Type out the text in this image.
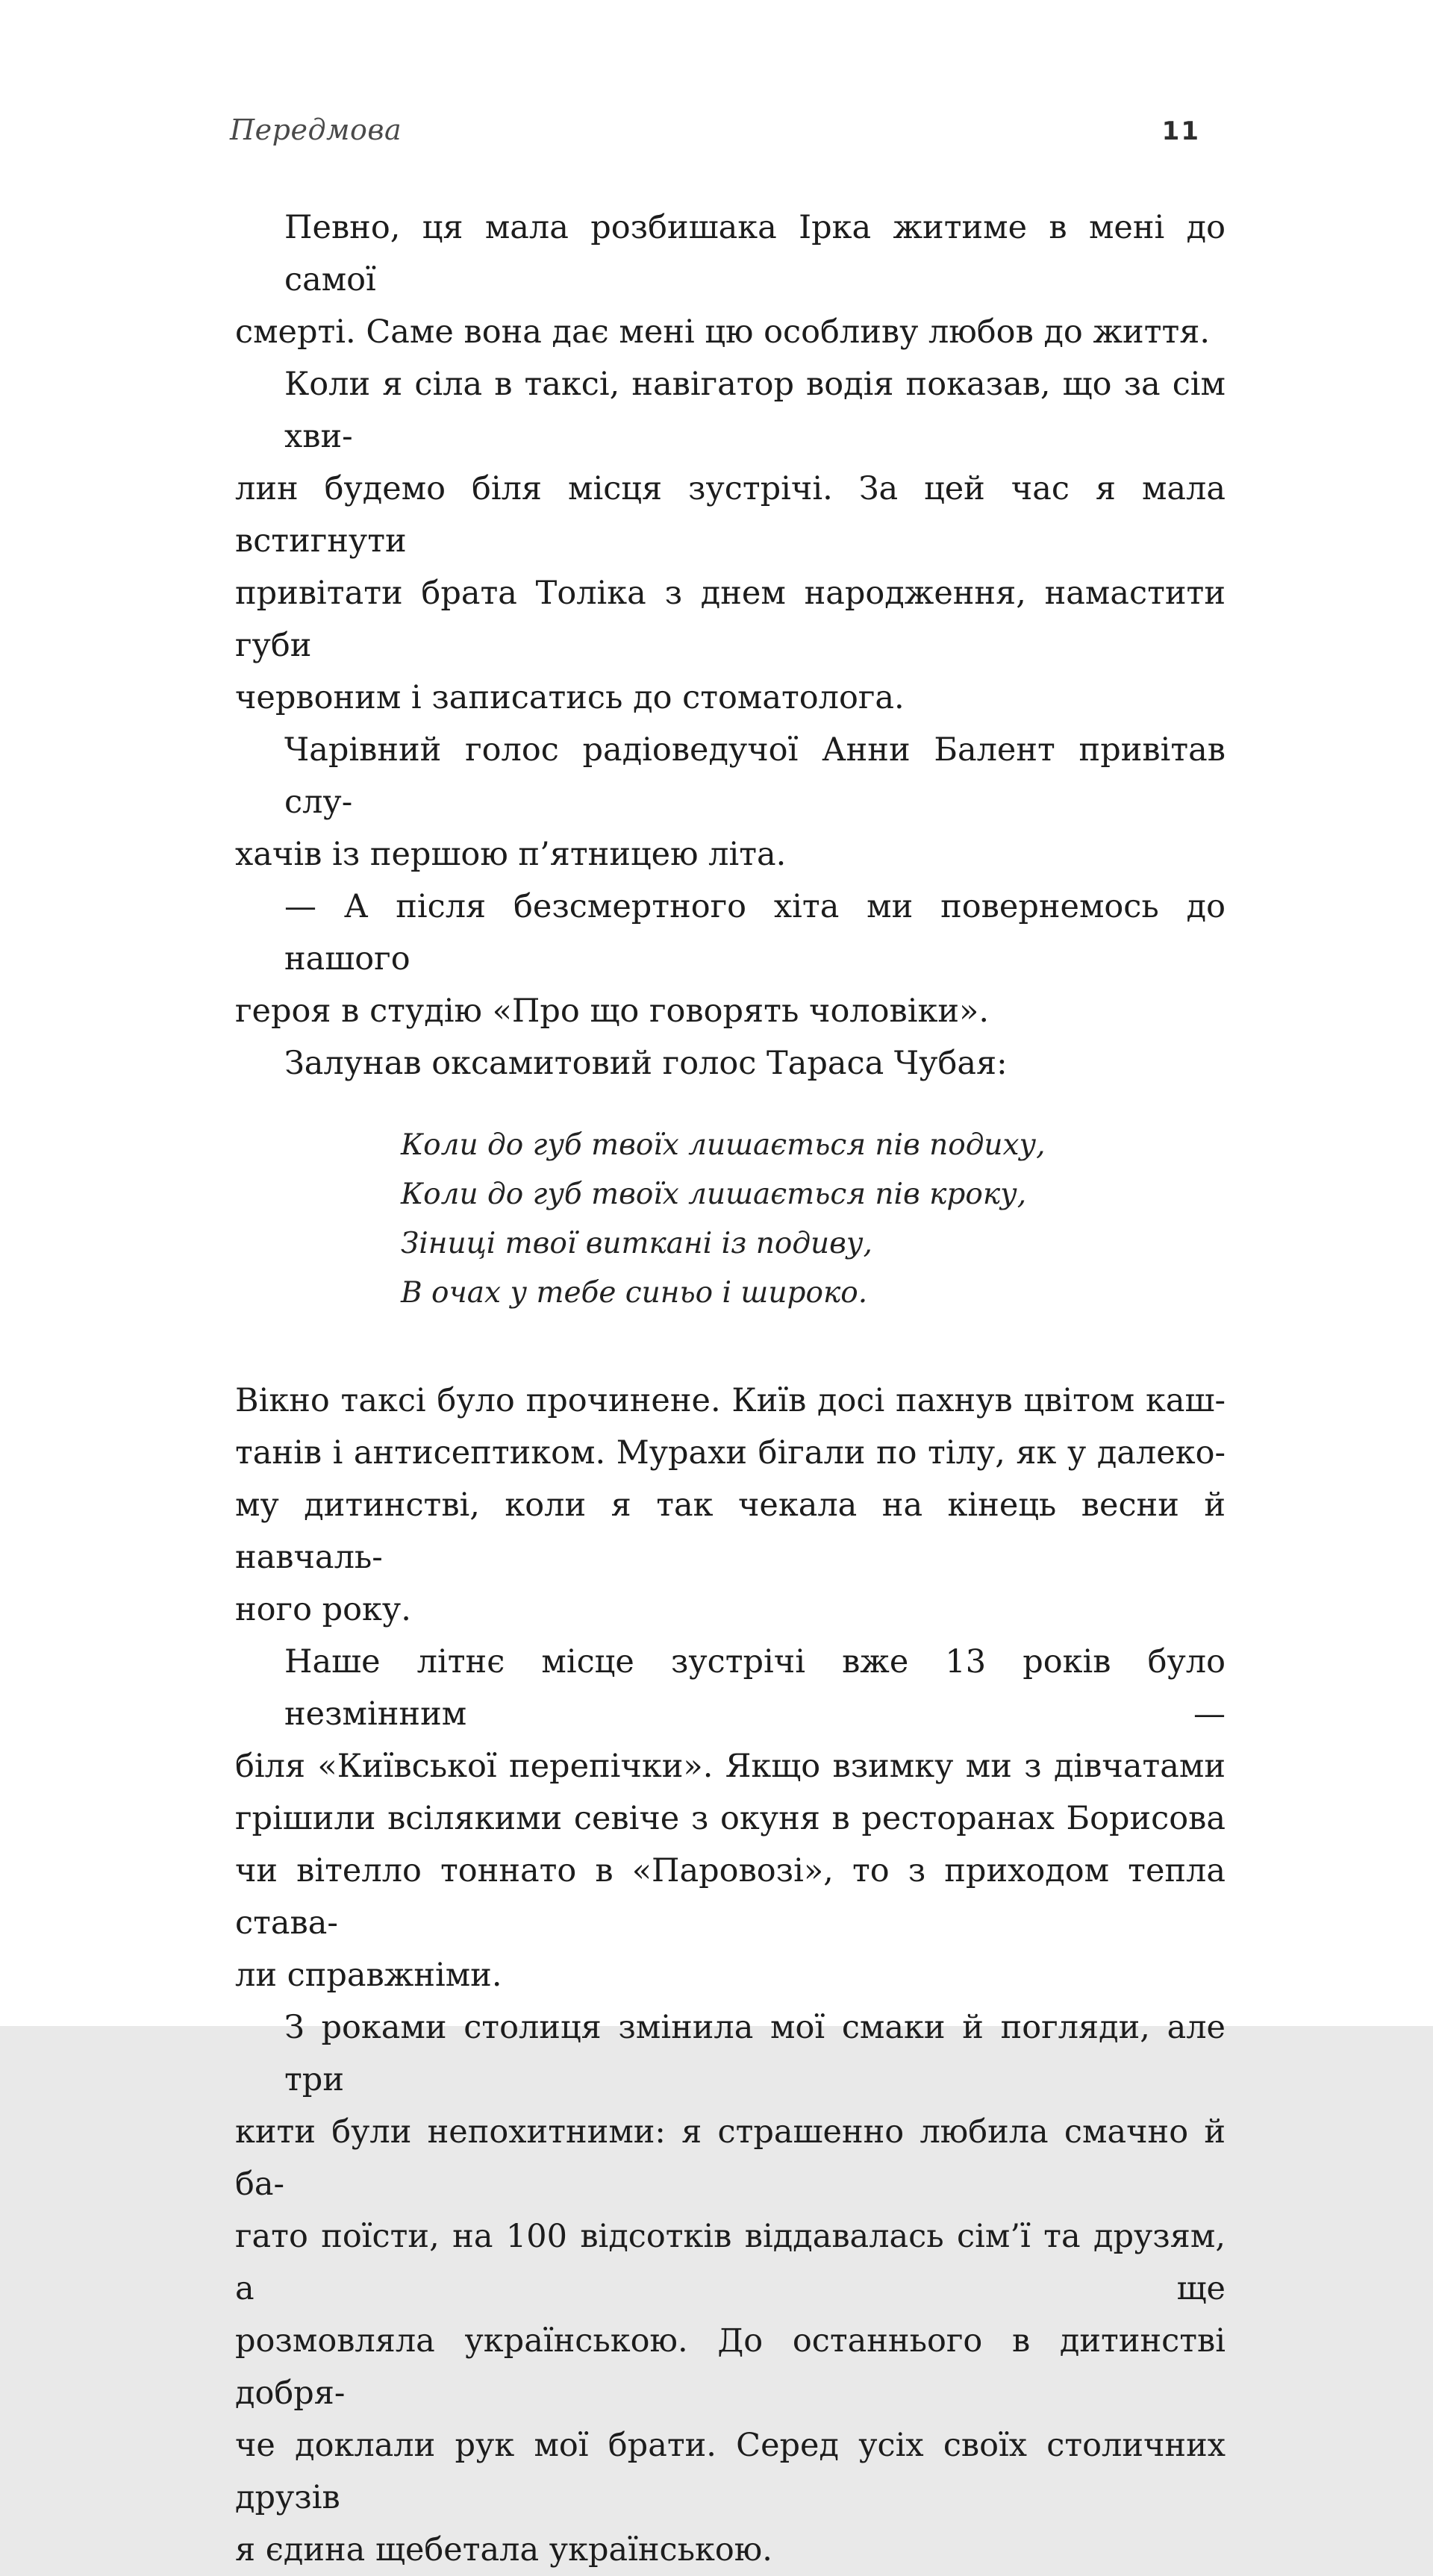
Передмова	11
Певно, ця мала розбишака Ірка житиме в мені до самої
смерті. Саме вона дає мені цю особливу любов до життя.
Коли я сіла в таксі, навігатор водія показав, що за сім хви-
лин будемо біля місця зустрічі. За цей час я мала встигнути
привітати брата Толіка з днем народження, намастити губи
червоним і записатись до стоматолога.
Чарівний голос радіоведучої Анни Балент привітав слу-
хачів із першою п’ятницею літа.
— А після безсмертного хіта ми повернемось до нашого
героя в студію «Про що говорять чоловіки».
Залунав оксамитовий голос Тараса Чубая:
Коли до губ твоїх лишається пів подиху,
Коли до губ твоїх лишається пів кроку,
Зіниці твої виткані із подиву,
В очах у тебе синьо і широко.
Вікно таксі було прочинене. Київ досі пахнув цвітом каш-
танів і антисептиком. Мурахи бігали по тілу, як у далеко-
му дитинстві, коли я так чекала на кінець весни й навчаль-
ного року.
Наше літнє місце зустрічі вже 13 років було незмінним —
біля «Київської перепічки». Якщо взимку ми з дівчатами
грішили всілякими севіче з окуня в ресторанах Борисова
чи вітелло тоннато в «Паровозі», то з приходом тепла става-
ли справжніми.
З роками столиця змінила мої смаки й погляди, але три
кити були непохитними: я страшенно любила смачно й ба-
гато поїсти, на 100 відсотків віддавалась сім’ї та друзям, а ще
розмовляла українською. До останнього в дитинстві добря-
че доклали рук мої брати. Серед усіх своїх столичних друзів
я єдина щебетала українською.
